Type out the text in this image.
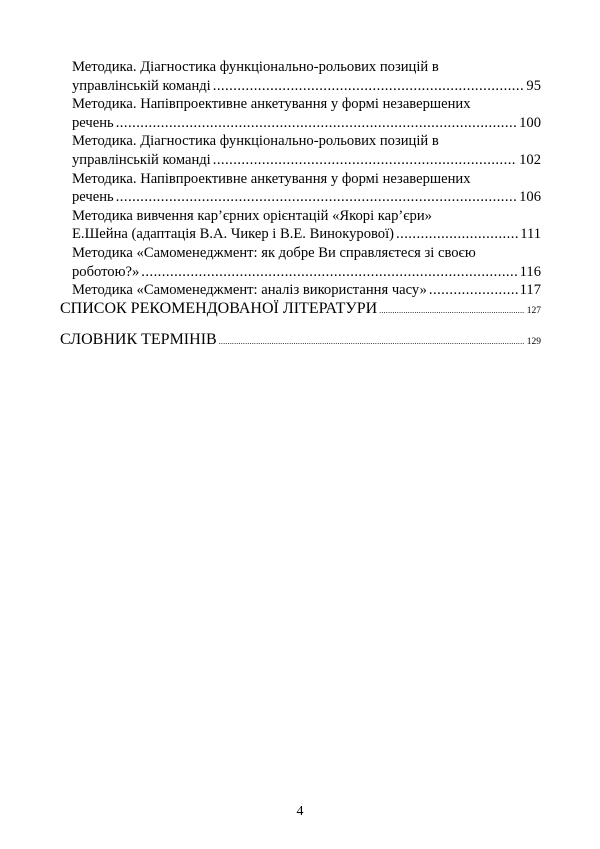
Методика. Діагностика функціонально-рольових позицій в
управлінській команді . . .	95
Методика. Напівпроективне анкетування у формі незавершених
речень . . .	100
Методика. Діагностика функціонально-рольових позицій в
управлінській команді . . .	102
Методика. Напівпроективне анкетування у формі незавершених
речень . . .	106
Методика вивчення кар’єрних орієнтацій «Якорі кар’єри»
Е.Шейна (адаптація В.А. Чикер і В.Е. Винокурової) . . .	111
Методика «Самоменеджмент: як добре Ви справляєтеся зі своєю
роботою?» . . .	116
Методика «Самоменеджмент: аналіз використання часу» . . .	117
СПИСОК РЕКОМЕНДОВАНОЇ ЛІТЕРАТУРИ . . .	127
СЛОВНИК ТЕРМІНІВ . . .	129
4
